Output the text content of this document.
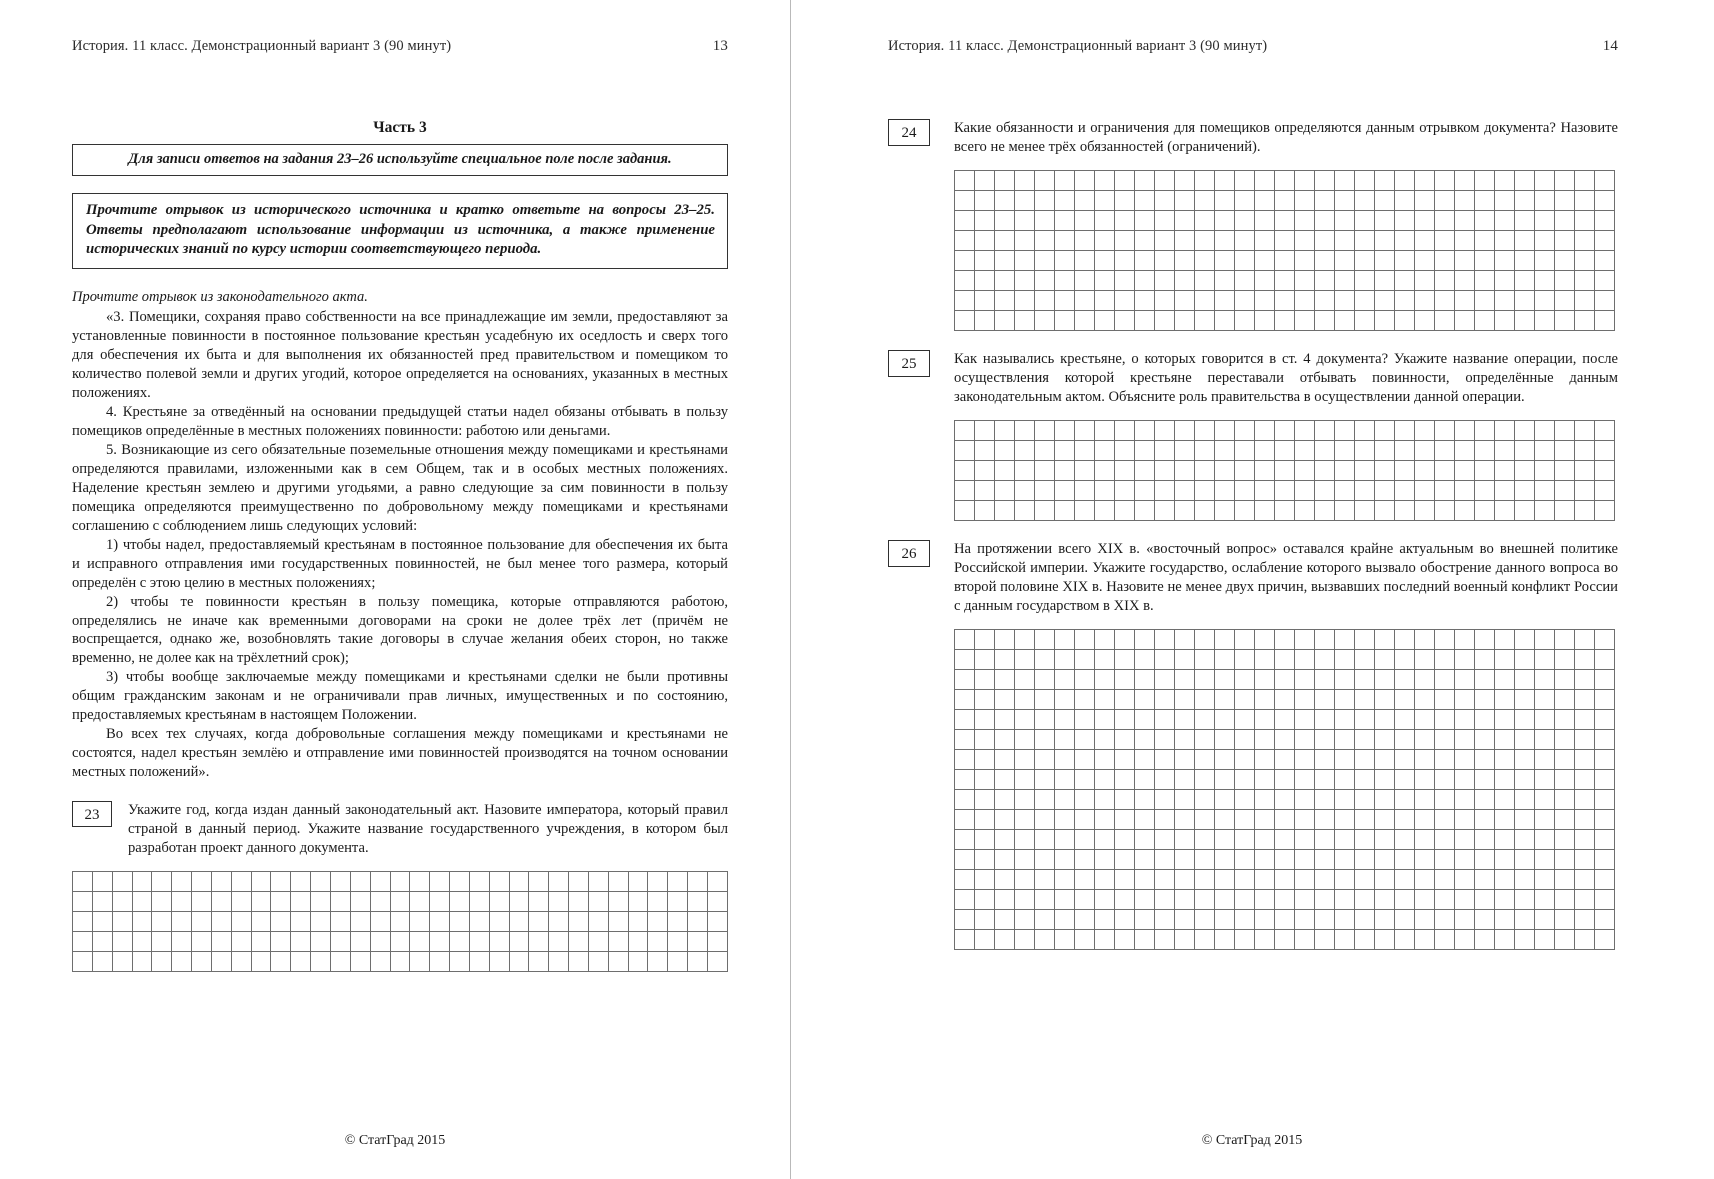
История. 11 класс. Демонстрационный вариант 3 (90 минут)	13
Часть 3
Для записи ответов на задания 23–26 используйте специальное поле после задания.
Прочтите отрывок из исторического источника и кратко ответьте на вопросы 23–25. Ответы предполагают использование информации из источника, а также применение исторических знаний по курсу истории соответствующего периода.
Прочтите отрывок из законодательного акта.

«3. Помещики, сохраняя право собственности на все принадлежащие им земли, предоставляют за установленные повинности в постоянное пользование крестьян усадебную их оседлость и сверх того для обеспечения их быта и для выполнения их обязанностей пред правительством и помещиком то количество полевой земли и других угодий, которое определяется на основаниях, указанных в местных положениях.

4. Крестьяне за отведённый на основании предыдущей статьи надел обязаны отбывать в пользу помещиков определённые в местных положениях повинности: работою или деньгами.

5. Возникающие из сего обязательные поземельные отношения между помещиками и крестьянами определяются правилами, изложенными как в сем Общем, так и в особых местных положениях. Наделение крестьян землею и другими угодьями, а равно следующие за сим повинности в пользу помещика определяются преимущественно по добровольному между помещиками и крестьянами соглашению с соблюдением лишь следующих условий:

1) чтобы надел, предоставляемый крестьянам в постоянное пользование для обеспечения их быта и исправного отправления ими государственных повинностей, не был менее того размера, который определён с этою целию в местных положениях;

2) чтобы те повинности крестьян в пользу помещика, которые отправляются работою, определялись не иначе как временными договорами на сроки не долее трёх лет (причём не воспрещается, однако же, возобновлять такие договоры в случае желания обеих сторон, но также временно, не долее как на трёхлетний срок);

3) чтобы вообще заключаемые между помещиками и крестьянами сделки не были противны общим гражданским законам и не ограничивали прав личных, имущественных и по состоянию, предоставляемых крестьянам в настоящем Положении.

Во всех тех случаях, когда добровольные соглашения между помещиками и крестьянами не состоятся, надел крестьян землёю и отправление ими повинностей производятся на точном основании местных положений».

23	Укажите год, когда издан данный законодательный акт. Назовите императора, который правил страной в данный период. Укажите название государственного учреждения, в котором был разработан проект данного документа.

© СтатГрад 2015
История. 11 класс. Демонстрационный вариант 3 (90 минут)	14
24	Какие обязанности и ограничения для помещиков определяются данным отрывком документа? Назовите всего не менее трёх обязанностей (ограничений).

25	Как назывались крестьяне, о которых говорится в ст. 4 документа? Укажите название операции, после осуществления которой крестьяне переставали отбывать повинности, определённые данным законодательным актом. Объясните роль правительства в осуществлении данной операции.

26	На протяжении всего XIX в. «восточный вопрос» оставался крайне актуальным во внешней политике Российской империи. Укажите государство, ослабление которого вызвало обострение данного вопроса во второй половине XIX в. Назовите не менее двух причин, вызвавших последний военный конфликт России с данным государством в XIX в.

© СтатГрад 2015
